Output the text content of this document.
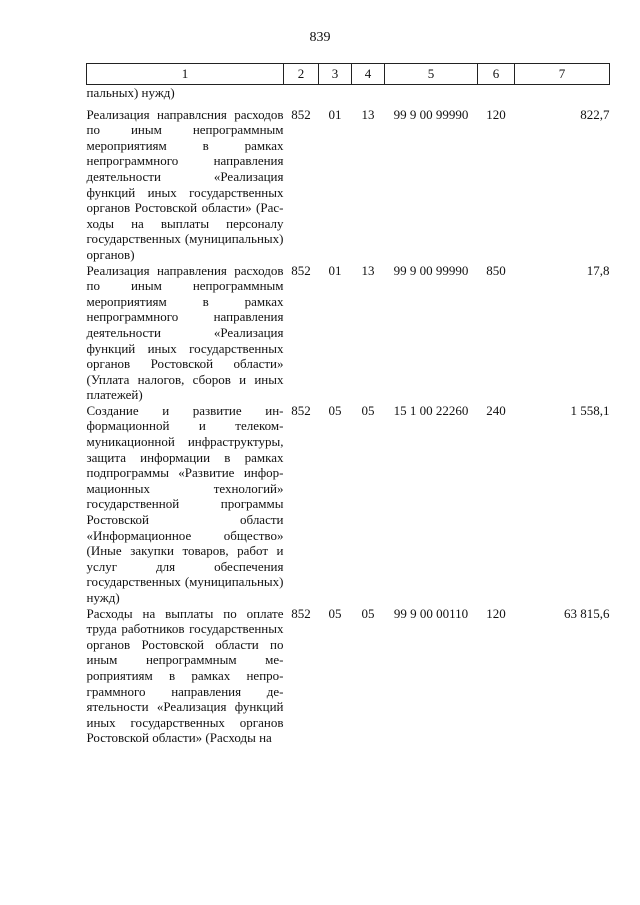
839
1	2	3	4	5	6	7
пальных) нужд)						
Реализация направлсния расходов по иным непрограммным мероприятиям в рамках непрограммного направления деятельности «Реализация функций иных государственных органов Ростовской области» (Расходы на выплаты персоналу государственных (муниципальных) органов)	852	01	13	99 9 00 99990	120	822,7
Реализация направления расходов по иным непрограммным мероприятиям в рамках непрограммного направления деятельности «Реализация функций иных государственных органов Ростовской области» (Уплата налогов, сборов и иных платежей)	852	01	13	99 9 00 99990	850	17,8
Создание и развитие информационной и телекоммуникационной инфраструктуры, защита информации в рамках подпрограммы «Развитие информационных технологий» государственной программы Ростовской области «Информационное общество» (Иные закупки товаров, работ и услуг для обеспечения государственных (муниципальных) нужд)	852	05	05	15 1 00 22260	240	1 558,1
Расходы на выплаты по оплате труда работников государственных органов Ростовской области по иным непрограммным мероприятиям в рамках непрограммного направления деятельности «Реализация функций иных государственных органов Ростовской области» (Расходы на	852	05	05	99 9 00 00110	120	63 815,6
